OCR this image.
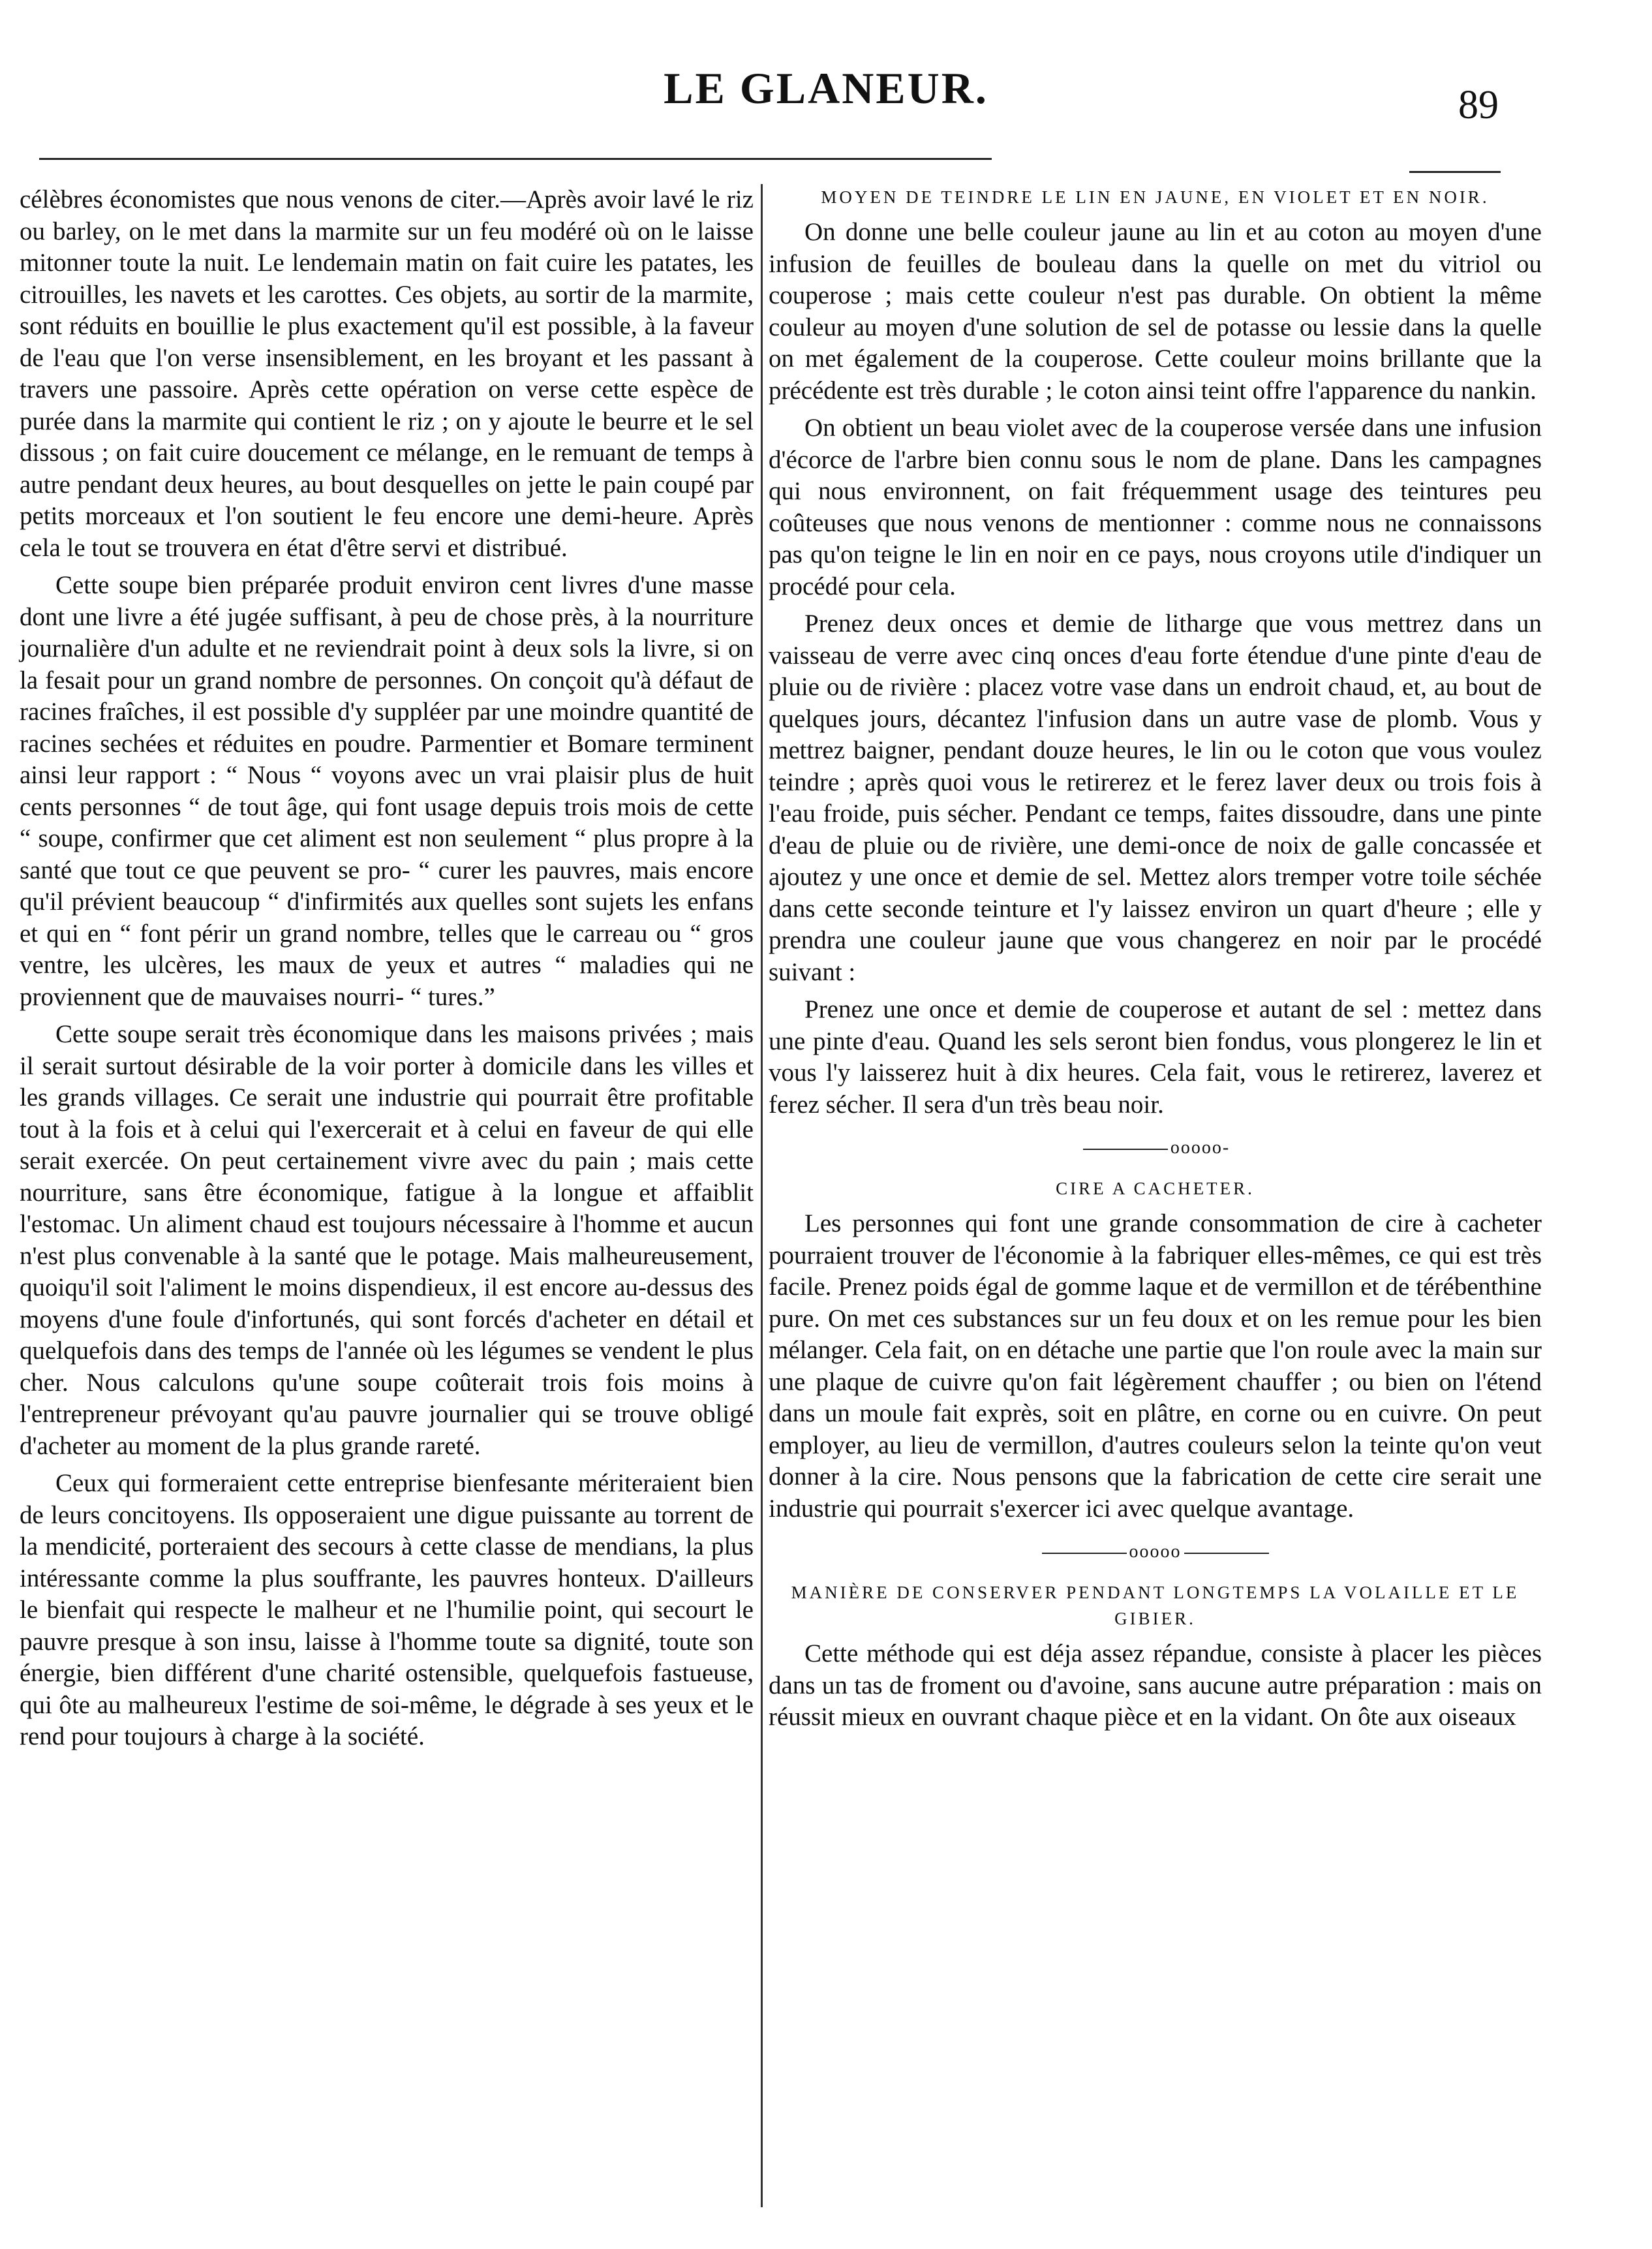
LE GLANEUR.	89

célèbres économistes que nous venons de citer.—Après avoir lavé le riz ou barley, on le met dans la marmite sur un feu modéré où on le laisse mitonner toute la nuit. Le lendemain matin on fait cuire les patates, les citrouilles, les navets et les carottes. Ces objets, au sortir de la marmite, sont réduits en bouillie le plus exactement qu'il est possible, à la faveur de l'eau que l'on verse insensiblement, en les broyant et les passant à travers une passoire. Après cette opération on verse cette espèce de purée dans la marmite qui contient le riz ; on y ajoute le beurre et le sel dissous ; on fait cuire doucement ce mélange, en le remuant de temps à autre pendant deux heures, au bout desquelles on jette le pain coupé par petits morceaux et l'on soutient le feu encore une demi-heure. Après cela le tout se trouvera en état d'être servi et distribué.

Cette soupe bien préparée produit environ cent livres d'une masse dont une livre a été jugée suffisant, à peu de chose près, à la nourriture journalière d'un adulte et ne reviendrait point à deux sols la livre, si on la fesait pour un grand nombre de personnes. On conçoit qu'à défaut de racines fraîches, il est possible d'y suppléer par une moindre quantité de racines sechées et réduites en poudre. Parmentier et Bomare terminent ainsi leur rapport : “ Nous “ voyons avec un vrai plaisir plus de huit cents personnes “ de tout âge, qui font usage depuis trois mois de cette “ soupe, confirmer que cet aliment est non seulement “ plus propre à la santé que tout ce que peuvent se pro- “ curer les pauvres, mais encore qu'il prévient beaucoup “ d'infirmités aux quelles sont sujets les enfans et qui en “ font périr un grand nombre, telles que le carreau ou “ gros ventre, les ulcères, les maux de yeux et autres “ maladies qui ne proviennent que de mauvaises nourri- “ tures.”

Cette soupe serait très économique dans les maisons privées ; mais il serait surtout désirable de la voir porter à domicile dans les villes et les grands villages. Ce serait une industrie qui pourrait être profitable tout à la fois et à celui qui l'exercerait et à celui en faveur de qui elle serait exercée. On peut certainement vivre avec du pain ; mais cette nourriture, sans être économique, fatigue à la longue et affaiblit l'estomac. Un aliment chaud est toujours nécessaire à l'homme et aucun n'est plus convenable à la santé que le potage. Mais malheureusement, quoiqu'il soit l'aliment le moins dispendieux, il est encore au-dessus des moyens d'une foule d'infortunés, qui sont forcés d'acheter en détail et quelquefois dans des temps de l'année où les légumes se vendent le plus cher. Nous calculons qu'une soupe coûterait trois fois moins à l'entrepreneur prévoyant qu'au pauvre journalier qui se trouve obligé d'acheter au moment de la plus grande rareté.

Ceux qui formeraient cette entreprise bienfesante mériteraient bien de leurs concitoyens. Ils opposeraient une digue puissante au torrent de la mendicité, porteraient des secours à cette classe de mendians, la plus intéressante comme la plus souffrante, les pauvres honteux. D'ailleurs le bienfait qui respecte le malheur et ne l'humilie point, qui secourt le pauvre presque à son insu, laisse à l'homme toute sa dignité, toute son énergie, bien différent d'une charité ostensible, quelquefois fastueuse, qui ôte au malheureux l'estime de soi-même, le dégrade à ses yeux et le rend pour toujours à charge à la société.

MOYEN DE TEINDRE LE LIN EN JAUNE, EN VIOLET ET EN NOIR.

On donne une belle couleur jaune au lin et au coton au moyen d'une infusion de feuilles de bouleau dans la quelle on met du vitriol ou couperose ; mais cette couleur n'est pas durable. On obtient la même couleur au moyen d'une solution de sel de potasse ou lessie dans la quelle on met également de la couperose. Cette couleur moins brillante que la précédente est très durable ; le coton ainsi teint offre l'apparence du nankin.

On obtient un beau violet avec de la couperose versée dans une infusion d'écorce de l'arbre bien connu sous le nom de plane. Dans les campagnes qui nous environnent, on fait fréquemment usage des teintures peu coûteuses que nous venons de mentionner : comme nous ne connaissons pas qu'on teigne le lin en noir en ce pays, nous croyons utile d'indiquer un procédé pour cela.

Prenez deux onces et demie de litharge que vous mettrez dans un vaisseau de verre avec cinq onces d'eau forte étendue d'une pinte d'eau de pluie ou de rivière : placez votre vase dans un endroit chaud, et, au bout de quelques jours, décantez l'infusion dans un autre vase de plomb. Vous y mettrez baigner, pendant douze heures, le lin ou le coton que vous voulez teindre ; après quoi vous le retirerez et le ferez laver deux ou trois fois à l'eau froide, puis sécher. Pendant ce temps, faites dissoudre, dans une pinte d'eau de pluie ou de rivière, une demi-once de noix de galle concassée et ajoutez y une once et demie de sel. Mettez alors tremper votre toile séchée dans cette seconde teinture et l'y laissez environ un quart d'heure ; elle y prendra une couleur jaune que vous changerez en noir par le procédé suivant :

Prenez une once et demie de couperose et autant de sel : mettez dans une pinte d'eau. Quand les sels seront bien fondus, vous plongerez le lin et vous l'y laisserez huit à dix heures. Cela fait, vous le retirerez, laverez et ferez sécher. Il sera d'un très beau noir.

ooooo-

CIRE A CACHETER.

Les personnes qui font une grande consommation de cire à cacheter pourraient trouver de l'économie à la fabriquer elles-mêmes, ce qui est très facile. Prenez poids égal de gomme laque et de vermillon et de térébenthine pure. On met ces substances sur un feu doux et on les remue pour les bien mélanger. Cela fait, on en détache une partie que l'on roule avec la main sur une plaque de cuivre qu'on fait légèrement chauffer ; ou bien on l'étend dans un moule fait exprès, soit en plâtre, en corne ou en cuivre. On peut employer, au lieu de vermillon, d'autres couleurs selon la teinte qu'on veut donner à la cire. Nous pensons que la fabrication de cette cire serait une industrie qui pourrait s'exercer ici avec quelque avantage.

ooooo

MANIÈRE DE CONSERVER PENDANT LONGTEMPS LA VOLAILLE ET LE GIBIER.

Cette méthode qui est déja assez répandue, consiste à placer les pièces dans un tas de froment ou d'avoine, sans aucune autre préparation : mais on réussit mieux en ouvrant chaque pièce et en la vidant. On ôte aux oiseaux
